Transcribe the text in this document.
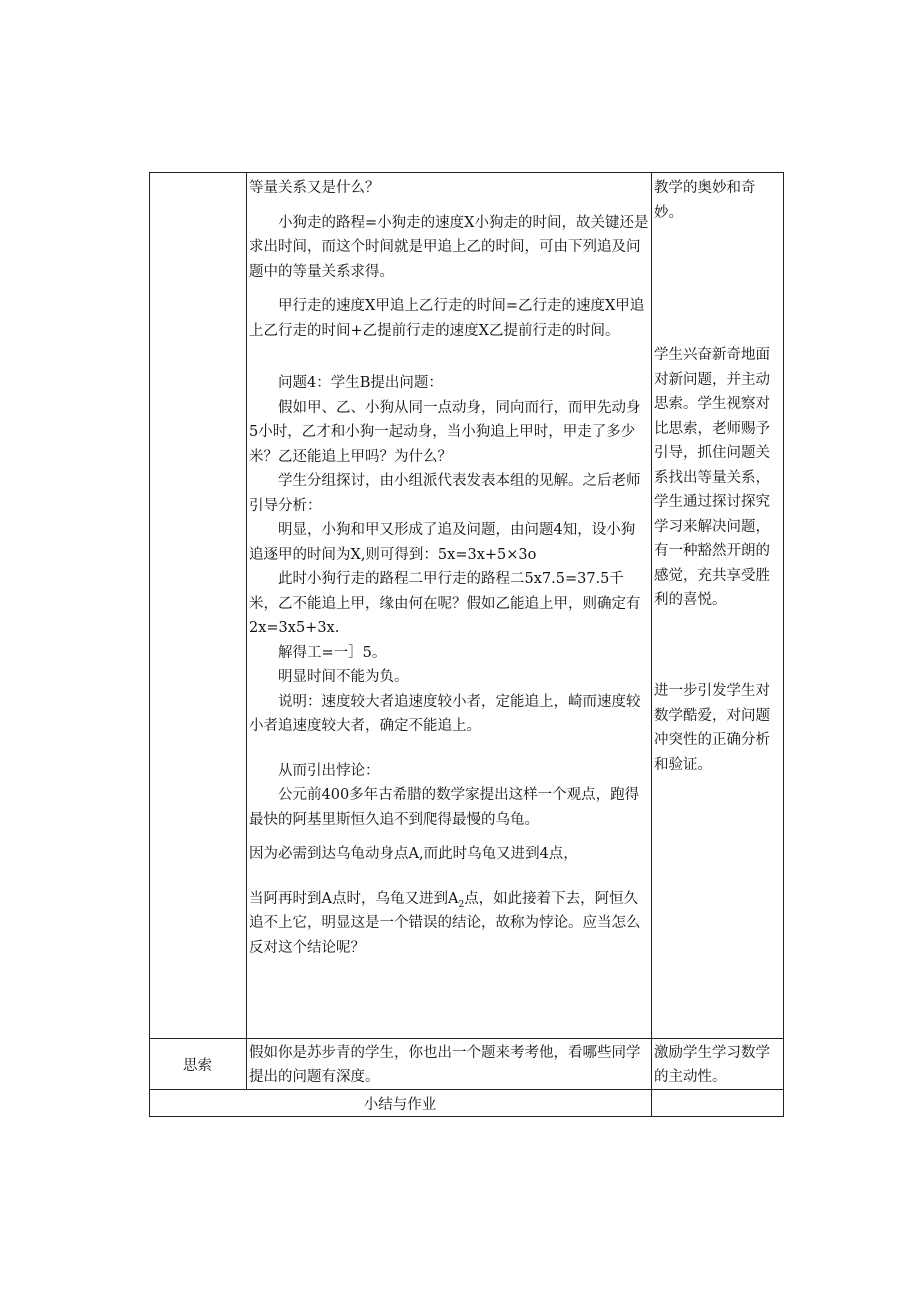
等量关系又是什么？

小狗走的路程=小狗走的速度X小狗走的时间，故关键还是求出时间，而这个时间就是甲追上乙的时间，可由下列追及问题中的等量关系求得。

甲行走的速度X甲追上乙行走的时间=乙行走的速度X甲追上乙行走的时间+乙提前行走的速度X乙提前行走的时间。

问题4：学生B提出问题：

假如甲、乙、小狗从同一点动身，同向而行，而甲先动身5小时，乙才和小狗一起动身，当小狗追上甲时，甲走了多少米？乙还能追上甲吗？为什么？

学生分组探讨，由小组派代表发表本组的见解。之后老师引导分析：

明显，小狗和甲又形成了追及问题，由问题4知，设小狗追逐甲的时间为X,则可得到：5x=3x+5×3o

此时小狗行走的路程二甲行走的路程二5x7.5=37.5千米，乙不能追上甲，缘由何在呢？假如乙能追上甲，则确定有2x=3x5+3x.

解得工=一］5。

明显时间不能为负。

说明：速度较大者追速度较小者，定能追上，崎而速度较小者追速度较大者，确定不能追上。

从而引出悖论：

公元前400多年古希腊的数学家提出这样一个观点，跑得最快的阿基里斯恒久追不到爬得最慢的乌龟。

因为必需到达乌龟动身点A,而此时乌龟又进到4点，

当阿再时到A点时，乌龟又进到$A_2$点，如此接着下去，阿恒久追不上它，明显这是一个错误的结论，故称为悖论。应当怎么反对这个结论呢？

教学的奥妙和奇妙。

学生兴奋新奇地面对新问题，并主动思索。学生视察对比思索，老师赐予引导，抓住问题关系找出等量关系，学生通过探讨探究学习来解决问题，有一种豁然开朗的感觉，充共享受胜利的喜悦。

进一步引发学生对数学酷爱，对问题冲突性的正确分析和验证。

思索

假如你是苏步青的学生，你也出一个题来考考他，看哪些同学提出的问题有深度。

激励学生学习数学的主动性。

小结与作业
